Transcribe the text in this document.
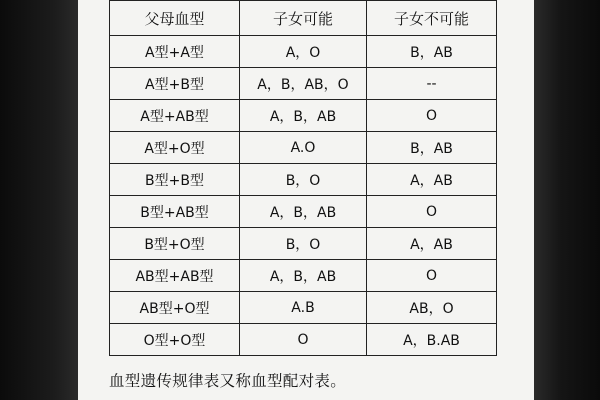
父母血型	子女可能	子女不可能
A型+A型	A，O	B，AB
A型+B型	A，B，AB，O	--
A型+AB型	A，B，AB	O
A型+O型	A.O	B，AB
B型+B型	B，O	A，AB
B型+AB型	A，B，AB	O
B型+O型	B，O	A，AB
AB型+AB型	A，B，AB	O
AB型+O型	A.B	AB，O
O型+O型	O	A，B.AB
血型遗传规律表又称血型配对表。
